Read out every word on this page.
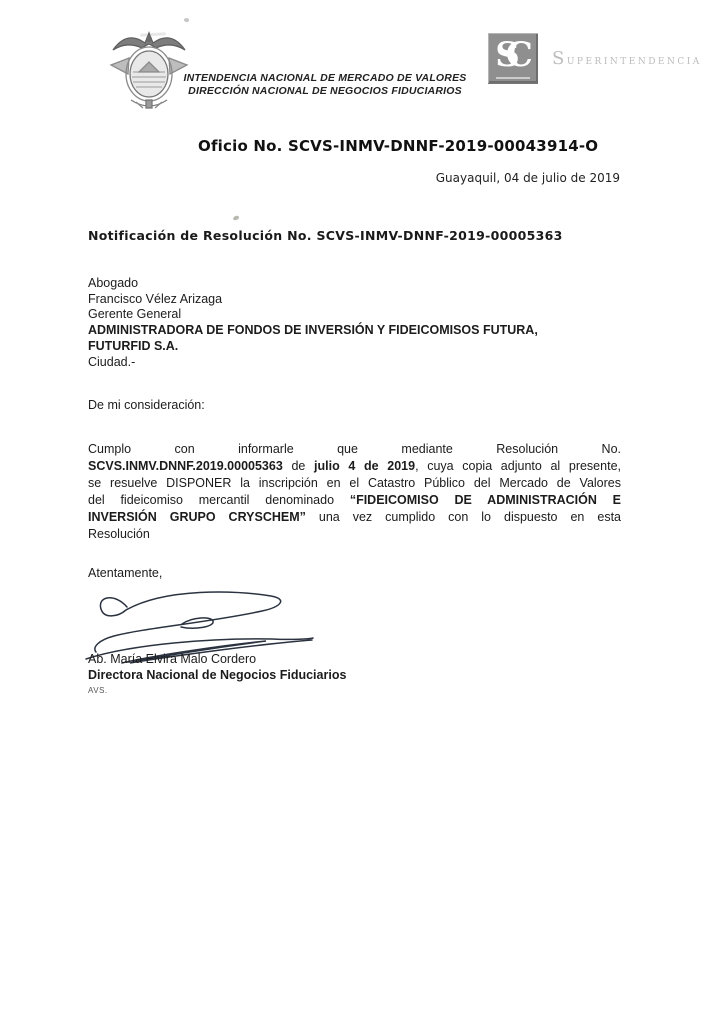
INTENDENCIA NACIONAL DE MERCADO DE VALORES
DIRECCIÓN NACIONAL DE NEGOCIOS FIDUCIARIOS
SC	Superintendencia
Oficio No. SCVS-INMV-DNNF-2019-00043914-O
Guayaquil, 04 de julio de 2019
Notificación de Resolución No. SCVS-INMV-DNNF-2019-00005363
Abogado
Francisco Vélez Arizaga
Gerente General
ADMINISTRADORA DE FONDOS DE INVERSIÓN Y FIDEICOMISOS FUTURA,
FUTURFID S.A.
Ciudad.-
De mi consideración:
Cumplo con informarle que mediante Resolución No.
SCVS.INMV.DNNF.2019.00005363 de julio 4 de 2019, cuya copia adjunto al presente,
se resuelve DISPONER la inscripción en el Catastro Público del Mercado de Valores
del fideicomiso mercantil denominado “FIDEICOMISO DE ADMINISTRACIÓN E
INVERSIÓN GRUPO CRYSCHEM” una vez cumplido con lo dispuesto en esta
Resolución
Atentamente,
Ab. María Elvira Malo Cordero
Directora Nacional de Negocios Fiduciarios
AVS.
